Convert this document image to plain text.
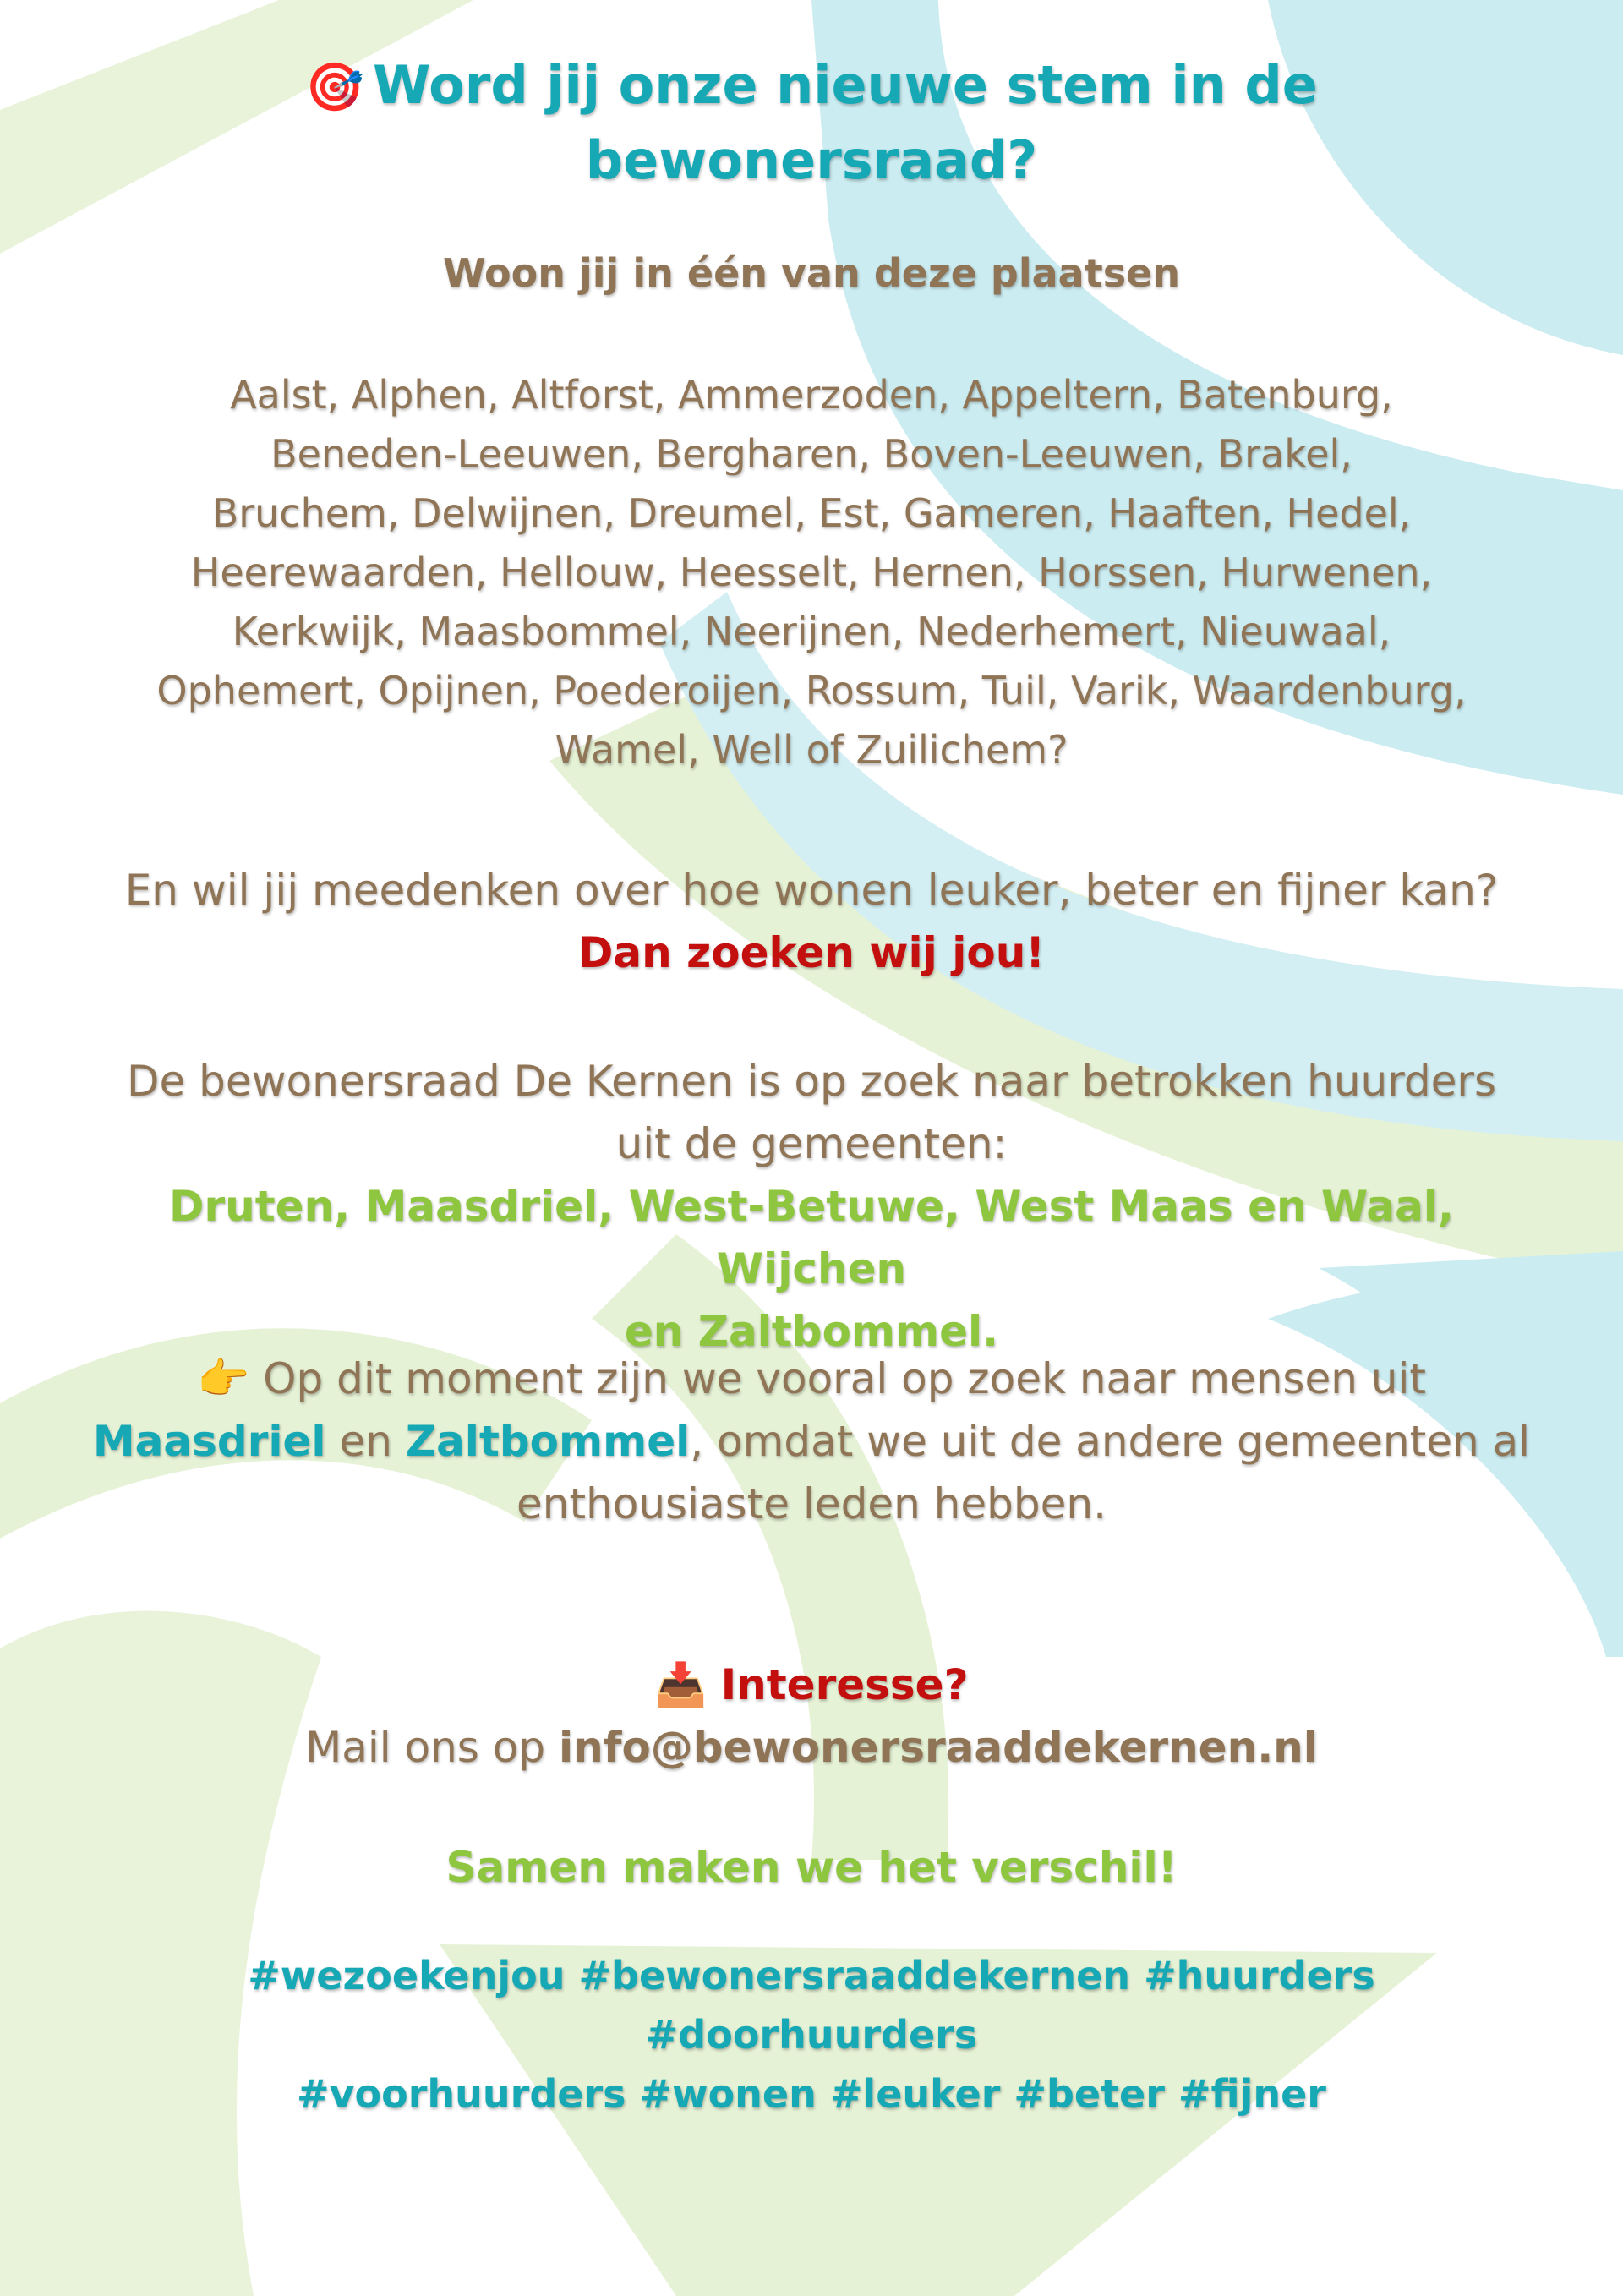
🎯 Word jij onze nieuwe stem in de
bewonersraad?
Woon jij in één van deze plaatsen
Aalst, Alphen, Altforst, Ammerzoden, Appeltern, Batenburg,
Beneden-Leeuwen, Bergharen, Boven-Leeuwen, Brakel,
Bruchem, Delwijnen, Dreumel, Est, Gameren, Haaften, Hedel,
Heerewaarden, Hellouw, Heesselt, Hernen, Horssen, Hurwenen,
Kerkwijk, Maasbommel, Neerijnen, Nederhemert, Nieuwaal,
Ophemert, Opijnen, Poederoijen, Rossum, Tuil, Varik, Waardenburg,
Wamel, Well of Zuilichem?
En wil jij meedenken over hoe wonen leuker, beter en fijner kan?
Dan zoeken wij jou!
De bewonersraad De Kernen is op zoek naar betrokken huurders
uit de gemeenten:
Druten, Maasdriel, West-Betuwe, West Maas en Waal, Wijchen
en Zaltbommel.
👉 Op dit moment zijn we vooral op zoek naar mensen uit
Maasdriel en Zaltbommel, omdat we uit de andere gemeenten al
enthousiaste leden hebben.
📥 Interesse?
Mail ons op info@bewonersraaddekernen.nl
Samen maken we het verschil!
#wezoekenjou #bewonersraaddekernen #huurders
#doorhuurders
#voorhuurders #wonen #leuker #beter #fijner
